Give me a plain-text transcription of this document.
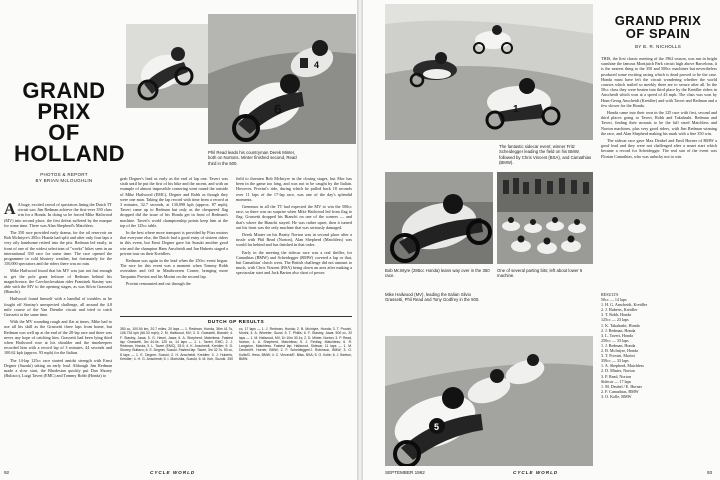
4
6

Phil Read leads his countryman Derek Minter, both on Nortons. Minter finished second, Read third in the 500.

GRAND
PRIX
OF
HOLLAND
PHOTOS & REPORT
BY BRIAN McLOUGHLIN

A A huge, excited crowd of spectators lining the Dutch TT circuit saw Jim Redman achieve the first-ever 350 class win for a Honda. In doing so he forced Mike Hailwood (MV) into second place, the first defeat suffered by the marque for some time. There was Alan Shepherd's Matchless.

The 350 race provided early drama, for the oil reservoir on Bob McIntyre's 285cc Honda had split and after only four laps a very oily handsome retired into the pits. Redman led easily, in front of one of the widest selections of "works" bikes seen in an international 350 race for some time. The race opened the programme in cold blustery weather, but fortunately for the 150,000 spectators and the riders there was no rain.

Mike Hailwood found that his MV was just not fast enough to get the pole grant befuore of Redman behind his magnificence, the Czechoslovakian rider Frantisek Stastny was able with the MV to the opening stages, as was Silvio Grassetti (Bianchi).

Hailwood found himself with a handful of troubles as he fought off Stastny's unexpected challenge, all around the 4.8 mile course of the Van Drenthe circuit and tried to catch Grassetti at the same time.

With the MV sounding rough and flat at times, Mike had to use all his skill as the Grassetti three laps from home, but Redman was well up at the end of the 20-lap race and there was never any hope of catching him. Grassetti had been lying third when Hailwood rose at his shoulder and the timekeepers recorded him with a record lap of 3 minutes, 44 seconds and 100.62 kph (approx. 93 mph) for the Italian.

The 14-lap 125cc race started amidst strength with Ernst Degner (Suzuki) taking an early lead. Although Jim Redman made a slow start, the Rhodesian quickly put Dan Shorey (Bultaco), Luigi Taveri (EMC) and Tommy Robb (Honda) to

grab Degner's lead as early as the end of lap one. Taveri was sixth until he put the first of his bike and the ascent, and with an example of almost impossible cornering went round the outside of Mike Hailwood (EMC), Degner and Robb as though they were one man. Taking the lap record with time from a record at 3 minutes, 32.7 seconds, at 130,098 kph (approx. 87 mph), Taveri came up to Redman but only as the chequered flag dropped did the issue of his Honda get in front of Redman's machine. Taveri's world championship points keep him at the top of the 125cc table.

In the best where more transport is provided by Fitzs motors that everyone else, the Dutch had a good entry of sixteen riders in this event, but Ernst Degner gave his Suzuki another good win and the champion Hans Anscheidt and Jan Huberts staged a private tour on their Kreidlers.

Redman was again in the lead when the 250cc event began. The race for this event was a moment when Tommy Robb overtaken and fell in Mastbroeren Corner, bringing more Tarquinio Provini and his Morini on the second lap.

Provini remounted and cut through the

field to threaten Bob McIntyre in the closing stages, but Mac has been in the game too long, and was not to be caught by the Italian. However, Provini's ride, during which he pulled back 18 seconds over 11 laps of the 17-lap race, was one of the day's splendid moments.

Gremmor in all the TT had expected the MV to win the 500cc race, so there was no surprise when Mike Hailwood led from flag to flag. Grassetti dropped his Bianchi on one of the corners — and that's where the Bianchi stayed. He was rather upset, then it turned out his front was the only machine that was seriously damaged.

Derek Minter on his Beatty Norton was in second place after a tussle with Phil Read (Norton), Alan Shepherd (Matchless) was would far behind and has finished in that order.

Early in the meeting the sidecar race was a real thriller, for Camathias (BMW) and Scheidegger (BMW) covered a lap or that, but Camathias' clutch went. The British challenge did not amount to much, with Chris Vincent (BSA) being down an area after making a spectacular start and Jack Barton also short of power.

DUTCH GP RESULTS
350 cc, 100.54 km, 20.7 miles, 20 laps — 1. Redman, Honda, 36m 41.7s, 106.734 kph (66.33 mph); 2. M. Hailwood, MV; 3. S. Grassetti, Bianchi; 4. F. Stastny, Jawa; 5. G. Havel, Jawa; 6. A. Shepherd, Matchless. Fastest lap: Grassetti, 3m 44.0s. 125 cc, 14 laps — 1. L. Taveri, EMC; 2. J. Redman, Honda; 3. L. Taveri (EMC), 33.0; 4. K. Anscheidt, Kreidler; 5. D. Shorey, Bultaco; 6. E. Degner, Suzuki. Fastest lap: Taveri, 3m 32.7s. 50 cc, 8 laps — 1. E. Degner, Suzuki; 2. H. Anscheidt, Kreidler; 3. J. Huberts, Kreidler; 4. H. G. Anscheidt; 5. I. Morishita, Suzuki; 6. M. Itoh, Suzuki. 250 cc, 17 laps — 1. J. Redman, Honda; 2. B. McIntyre, Honda; 3. T. Provini, Morini; 4. A. Wheeler, Guzzi; 5. T. Phillis; 6. F. Stastny, Jawa. 500 cc, 20 laps — 1. M. Hailwood, MV, 1h 10m 30.1s; 2. D. Minter, Norton; 3. P. Read, Norton; 4. A. Shepherd, Matchless; 5. J. Findlay, Matchless; 6. R. Langston, Matchless. Fastest lap: Hailwood. Sidecar, 11 laps — 1. M. Deubel/H. Horner, BMW; 2. F. Scheidegger/J. Robinson, BMW; 3. O. Kolle/D. Hess, BMW; 4. C. Vincent/E. Bliss, BSA; 5. O. Kolle; 6. J. Beeton, BMW.
92	CYCLE WORLD
1

The fantastic sidecar event; winner Fritz Scheidegger leading the field on his BMW, followed by Chris Vincent (BSA), and Camathias (BMW).

GRAND PRIX
OF SPAIN
BY B. R. NICHOLLS

THIS, the first classic meeting of the 1962 season, was run in bright sunshine the famous Montjuich Park circuit high above Barcelona, it is the nearest thing to the 350 and 500cc machines but nevertheless produced some exciting racing which is dead proved to be the case. Honda must have left the circuit wondering whether the world courses which trailed so meekly there are to secure after all. In the 50cc class they were beaten into third place by the Kreidler riders in Anscheidt which won at a speed of 43 mph. The class was won by Hans-Georg Anscheidt (Kreidler) and with Taveri and Redman and a few slower for the Honda.

Honda came into their own in the 125 race with first, second and third places going to Taveri, Robb and Takahashi. Redman and Taveri, finding their mounts to be the full sized Matchless and Norton machines, plus very good riders, with Jim Redman winning the race, and Alan Shepherd making his mark with a fine 350 win.

The sidecar race gave Max Deubel and Emil Horner of BMW a good lead and they were not challenged after a smart start which became a record for Scheidegger. The real star of the event was Florian Camathias, who was unlucky not to win.

RESULTS
50cc — 14 laps
1. H. G. Anscheidt, Kreidler
2. J. Huberts, Kreidler
3. T. Robb, Honda
125cc — 23 laps
1. K. Takahashi, Honda
2. J. Redman, Honda
3. L. Taveri, Honda
250cc — 33 laps
1. J. Redman, Honda
2. B. McIntyre, Honda
3. T. Provini, Morini
350cc — 33 laps
1. A. Shepherd, Matchless
2. D. Minter, Norton
3. P. Read, Norton
Sidecar — 17 laps
1. M. Deubel / E. Horner
2. F. Camathias, BMW
3. O. Kolle, BMW

Bob McIntyre (285cc Honda) leans way over in the 350 race.

One of several parting bits; left about lower 6 machine.

5

Mike Hailwood (MV), leading the Italian Silvio Grassetti, Phil Read and Tony Godfrey in the 500.

SEPTEMBER 1962	CYCLE WORLD	93
